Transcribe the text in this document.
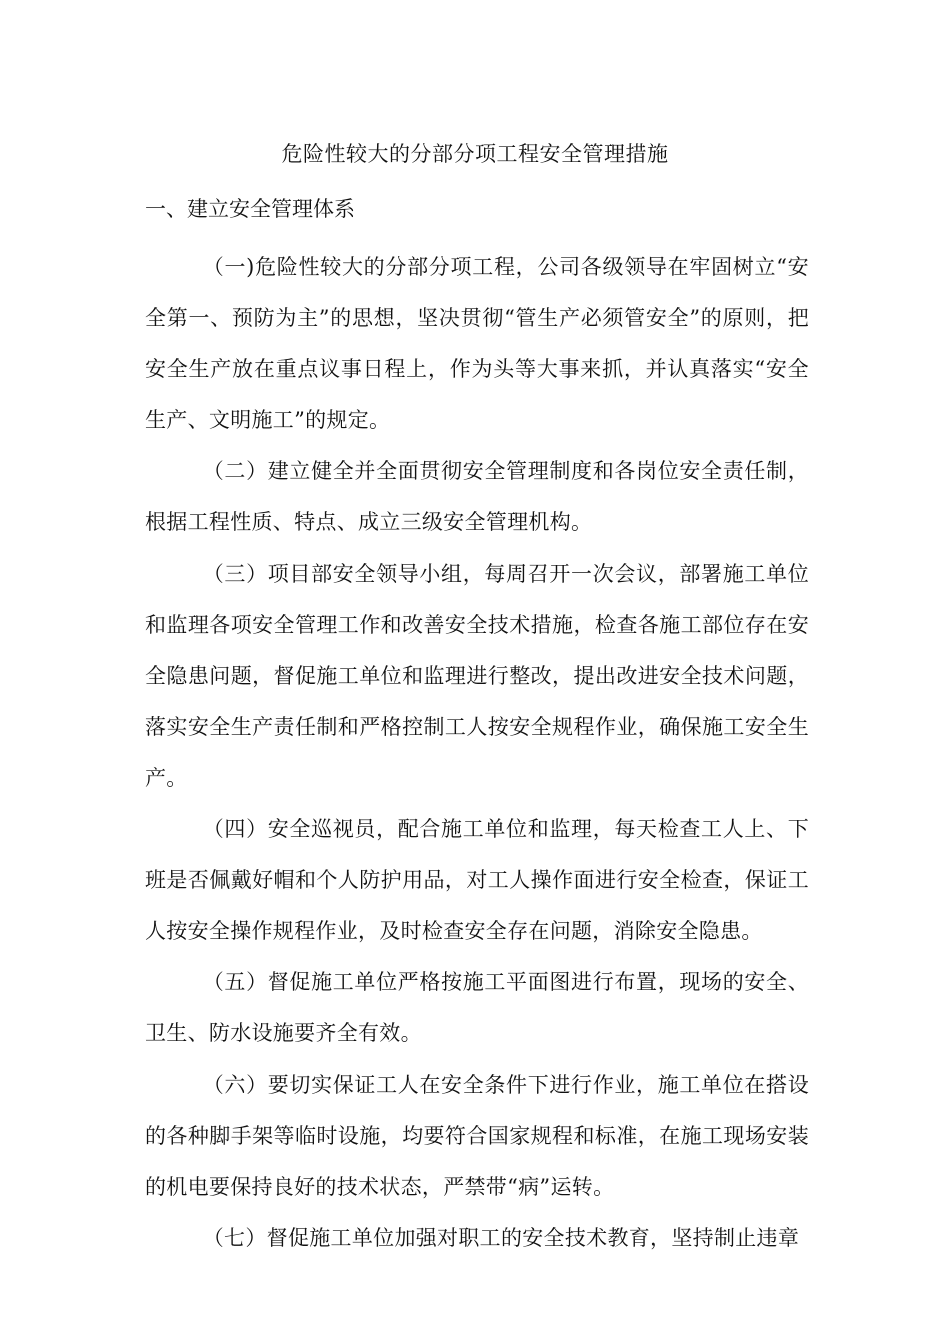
危险性较大的分部分项工程安全管理措施
一、建立安全管理体系

（一)危险性较大的分部分项工程，公司各级领导在牢固树立“安全第一、预防为主”的思想，坚决贯彻“管生产必须管安全”的原则，把安全生产放在重点议事日程上，作为头等大事来抓，并认真落实“安全生产、文明施工”的规定。

（二）建立健全并全面贯彻安全管理制度和各岗位安全责任制，根据工程性质、特点、成立三级安全管理机构。

（三）项目部安全领导小组，每周召开一次会议，部署施工单位和监理各项安全管理工作和改善安全技术措施，检查各施工部位存在安全隐患问题，督促施工单位和监理进行整改，提出改进安全技术问题，落实安全生产责任制和严格控制工人按安全规程作业，确保施工安全生产。

（四）安全巡视员，配合施工单位和监理，每天检查工人上、下班是否佩戴好帽和个人防护用品，对工人操作面进行安全检查，保证工人按安全操作规程作业，及时检查安全存在问题，消除安全隐患。

（五）督促施工单位严格按施工平面图进行布置，现场的安全、卫生、防水设施要齐全有效。

（六）要切实保证工人在安全条件下进行作业，施工单位在搭设的各种脚手架等临时设施，均要符合国家规程和标准，在施工现场安装的机电要保持良好的技术状态，严禁带“病”运转。

（七）督促施工单位加强对职工的安全技术教育，坚持制止违章
